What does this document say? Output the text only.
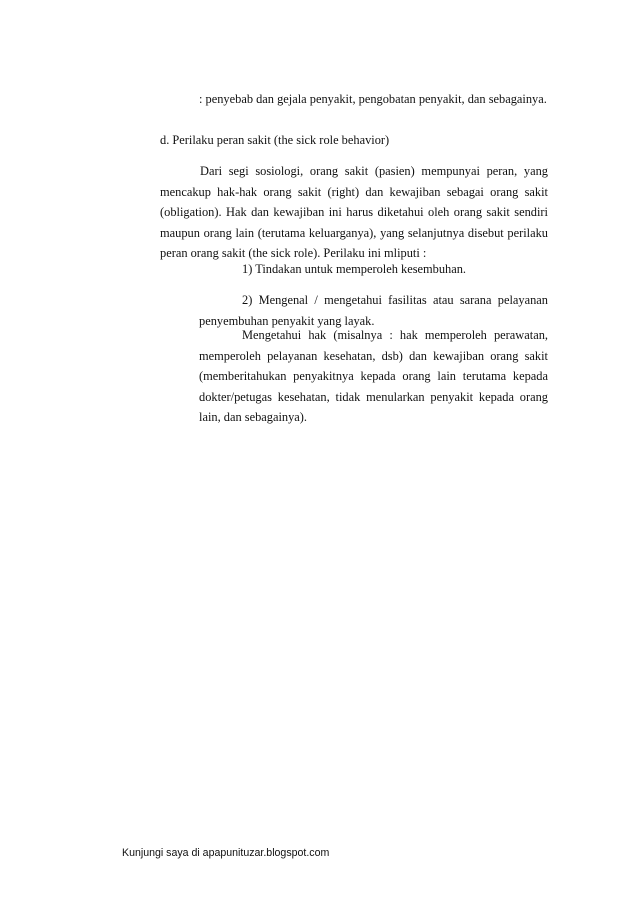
: penyebab dan gejala penyakit, pengobatan penyakit, dan sebagainya.

d. Perilaku peran sakit (the sick role behavior)

Dari segi sosiologi, orang sakit (pasien) mempunyai peran, yang mencakup hak-hak orang sakit (right) dan kewajiban sebagai orang sakit (obligation). Hak dan kewajiban ini harus diketahui oleh orang sakit sendiri maupun orang lain (terutama keluarganya), yang selanjutnya disebut perilaku peran orang sakit (the sick role). Perilaku ini mliputi :

1) Tindakan untuk memperoleh kesembuhan.

2) Mengenal / mengetahui fasilitas atau sarana pelayanan penyembuhan penyakit yang layak.

Mengetahui hak (misalnya : hak memperoleh perawatan, memperoleh pelayanan kesehatan, dsb) dan kewajiban orang sakit (memberitahukan penyakitnya kepada orang lain terutama kepada dokter/petugas kesehatan, tidak menularkan penyakit kepada orang lain, dan sebagainya).

Kunjungi saya di apapunituzar.blogspot.com
